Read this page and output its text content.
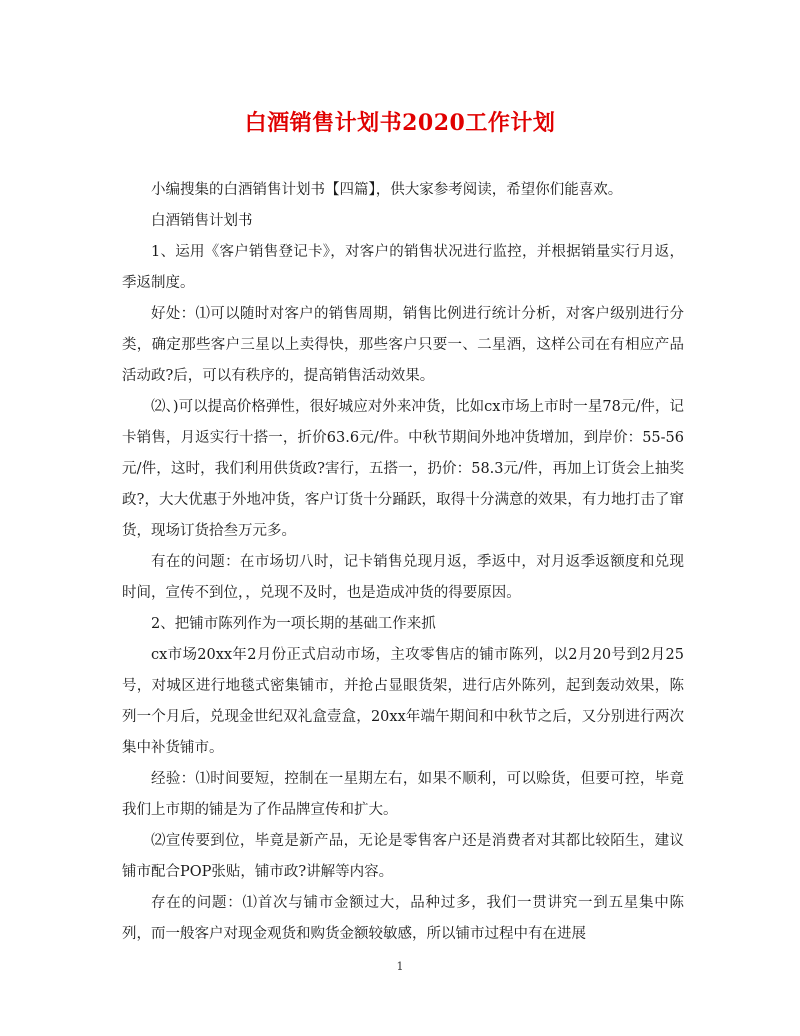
白酒销售计划书2020工作计划

小编搜集的白酒销售计划书【四篇】，供大家参考阅读，希望你们能喜欢。

白酒销售计划书

1、运用《客户销售登记卡》，对客户的销售状况进行监控，并根据销量实行月返，季返制度。

好处：⑴可以随时对客户的销售周期，销售比例进行统计分析，对客户级别进行分类，确定那些客户三星以上卖得快，那些客户只要一、二星酒，这样公司在有相应产品活动政?后，可以有秩序的，提高销售活动效果。

⑵、)可以提高价格弹性，很好城应对外来冲货，比如cx市场上市时一星78元/件，记卡销售，月返实行十搭一，折价63.6元/件。中秋节期间外地冲货增加，到岸价：55-56元/件，这时，我们利用供货政?害行，五搭一，扔价：58.3元/件，再加上订货会上抽奖政?，大大优惠于外地冲货，客户订货十分踊跃，取得十分满意的效果，有力地打击了窜货，现场订货拾叁万元多。

有在的问题：在市场切八时，记卡销售兑现月返，季返中，对月返季返额度和兑现时间，宣传不到位，，兑现不及时，也是造成冲货的得要原因。

2、把铺市陈列作为一项长期的基础工作来抓

cx市场20xx年2月份正式启动市场，主攻零售店的铺市陈列，以2月20号到2月25号，对城区进行地毯式密集铺市，并抢占显眼货架，进行店外陈列，起到轰动效果，陈列一个月后，兑现金世纪双礼盒壹盒，20xx年端午期间和中秋节之后，又分别进行两次集中补货铺市。

经验：⑴时间要短，控制在一星期左右，如果不顺利，可以赊货，但要可控，毕竟我们上市期的铺是为了作品牌宣传和扩大。

⑵宣传要到位，毕竟是新产品，无论是零售客户还是消费者对其都比较陌生，建议铺市配合POP张贴，铺市政?讲解等内容。

存在的问题：⑴首次与铺市金额过大，品种过多，我们一贯讲究一到五星集中陈列，而一般客户对现金观货和购货金额较敏感，所以铺市过程中有在进展

1
